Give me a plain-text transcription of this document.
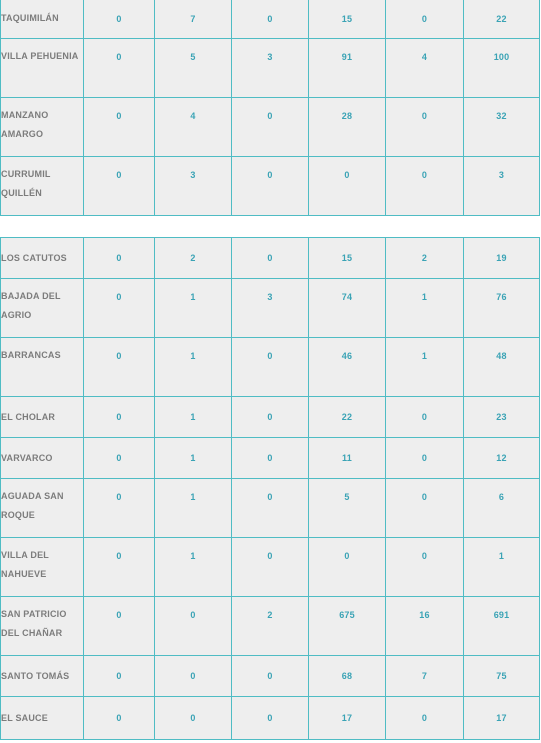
TAQUIMILÁN	0	7	0	15	0	22
VILLA PEHUENIA	0	5	3	91	4	100
MANZANO AMARGO	0	4	0	28	0	32
CURRUMIL QUILLÉN	0	3	0	0	0	3
LOS CATUTOS	0	2	0	15	2	19
BAJADA DEL AGRIO	0	1	3	74	1	76
BARRANCAS	0	1	0	46	1	48
EL CHOLAR	0	1	0	22	0	23
VARVARCO	0	1	0	11	0	12
AGUADA SAN ROQUE	0	1	0	5	0	6
VILLA DEL NAHUEVE	0	1	0	0	0	1
SAN PATRICIO DEL CHAÑAR	0	0	2	675	16	691
SANTO TOMÁS	0	0	0	68	7	75
EL SAUCE	0	0	0	17	0	17
